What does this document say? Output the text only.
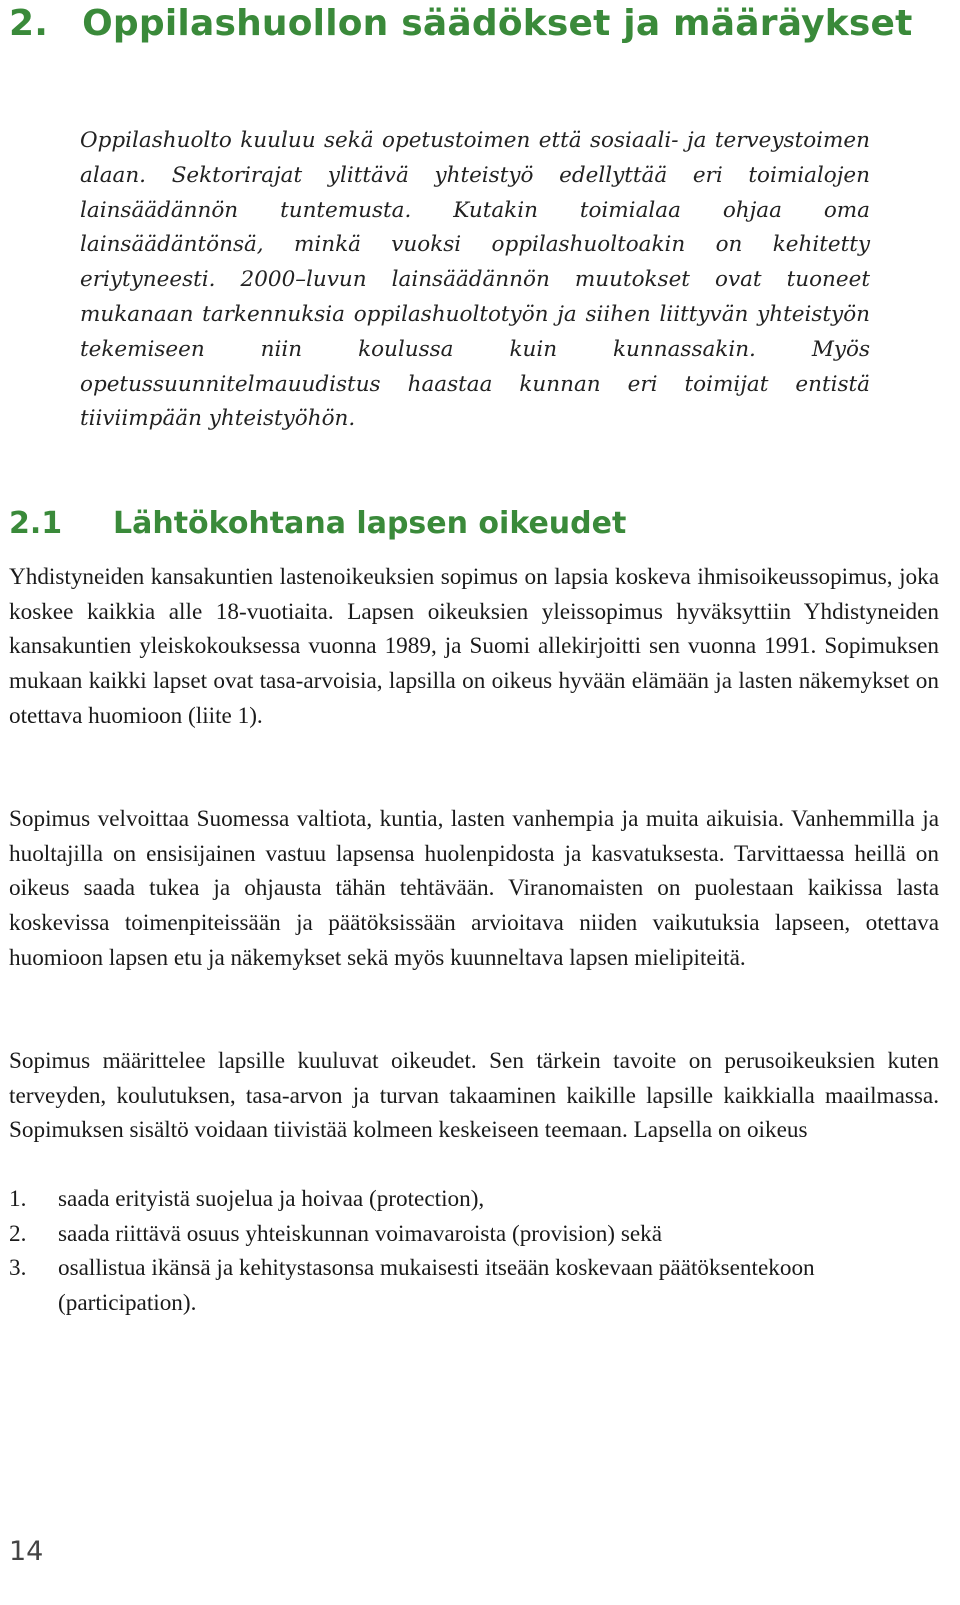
2. Oppilashuollon säädökset ja määräykset

Oppilashuolto kuuluu sekä opetustoimen että sosiaali- ja terveystoimen alaan. Sektorirajat ylittävä yhteistyö edellyttää eri toimialojen lainsäädännön tuntemusta. Kutakin toimialaa ohjaa oma lainsäädäntönsä, minkä vuoksi oppilashuoltoakin on kehitetty eriytyneesti. 2000–luvun lainsäädännön muutokset ovat tuoneet mukanaan tarkennuksia oppilashuoltotyön ja siihen liittyvän yhteistyön tekemiseen niin koulussa kuin kunnassakin. Myös opetussuunnitelmauudistus haastaa kunnan eri toimijat entistä tiiviimpään yhteistyöhön.

2.1 Lähtökohtana lapsen oikeudet

Yhdistyneiden kansakuntien lastenoikeuksien sopimus on lapsia koskeva ihmisoikeussopimus, joka koskee kaikkia alle 18-vuotiaita. Lapsen oikeuksien yleissopimus hyväksyttiin Yhdistyneiden kansakuntien yleiskokouksessa vuonna 1989, ja Suomi allekirjoitti sen vuonna 1991. Sopimuksen mukaan kaikki lapset ovat tasa-arvoisia, lapsilla on oikeus hyvään elämään ja lasten näkemykset on otettava huomioon (liite 1).

Sopimus velvoittaa Suomessa valtiota, kuntia, lasten vanhempia ja muita aikuisia. Vanhemmilla ja huoltajilla on ensisijainen vastuu lapsensa huolenpidosta ja kasvatuksesta. Tarvittaessa heillä on oikeus saada tukea ja ohjausta tähän tehtävään. Viranomaisten on puolestaan kaikissa lasta koskevissa toimenpiteissään ja päätöksissään arvioitava niiden vaikutuksia lapseen, otettava huomioon lapsen etu ja näkemykset sekä myös kuunneltava lapsen mielipiteitä.

Sopimus määrittelee lapsille kuuluvat oikeudet. Sen tärkein tavoite on perusoikeuksien kuten terveyden, koulutuksen, tasa-arvon ja turvan takaaminen kaikille lapsille kaikkialla maailmassa. Sopimuksen sisältö voidaan tiivistää kolmeen keskeiseen teemaan. Lapsella on oikeus

1. saada erityistä suojelua ja hoivaa (protection),
2. saada riittävä osuus yhteiskunnan voimavaroista (provision) sekä
3. osallistua ikänsä ja kehitystasonsa mukaisesti itseään koskevaan päätöksentekoon (participation).
14
